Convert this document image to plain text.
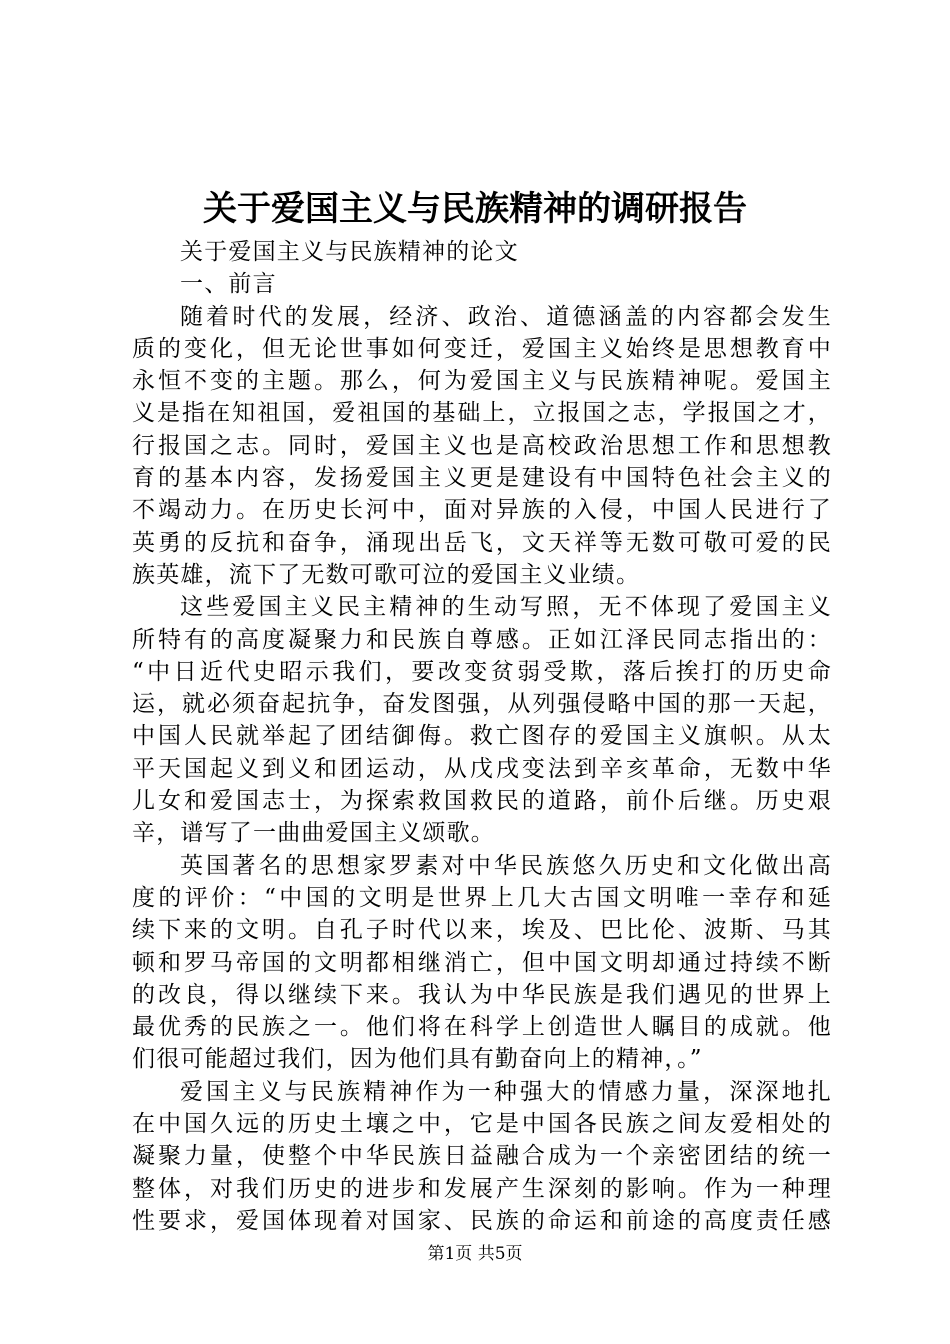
关于爱国主义与民族精神的调研报告
关于爱国主义与民族精神的论文
一、前言
随着时代的发展，经济、政治、道德涵盖的内容都会发生
质的变化，但无论世事如何变迁，爱国主义始终是思想教育中
永恒不变的主题。那么，何为爱国主义与民族精神呢。爱国主
义是指在知祖国，爱祖国的基础上，立报国之志，学报国之才，
行报国之志。同时，爱国主义也是高校政治思想工作和思想教
育的基本内容，发扬爱国主义更是建设有中国特色社会主义的
不竭动力。在历史长河中，面对异族的入侵，中国人民进行了
英勇的反抗和奋争，涌现出岳飞，文天祥等无数可敬可爱的民
族英雄，流下了无数可歌可泣的爱国主义业绩。
这些爱国主义民主精神的生动写照，无不体现了爱国主义
所特有的高度凝聚力和民族自尊感。正如江泽民同志指出的：
“中日近代史昭示我们，要改变贫弱受欺，落后挨打的历史命
运，就必须奋起抗争，奋发图强，从列强侵略中国的那一天起，
中国人民就举起了团结御侮。救亡图存的爱国主义旗帜。从太
平天国起义到义和团运动，从戊戌变法到辛亥革命，无数中华
儿女和爱国志士，为探索救国救民的道路，前仆后继。历史艰
辛，谱写了一曲曲爱国主义颂歌。
英国著名的思想家罗素对中华民族悠久历史和文化做出高
度的评价：“中国的文明是世界上几大古国文明唯一幸存和延
续下来的文明。自孔子时代以来，埃及、巴比伦、波斯、马其
顿和罗马帝国的文明都相继消亡，但中国文明却通过持续不断
的改良，得以继续下来。我认为中华民族是我们遇见的世界上
最优秀的民族之一。他们将在科学上创造世人瞩目的成就。他
们很可能超过我们，因为他们具有勤奋向上的精神，。”
爱国主义与民族精神作为一种强大的情感力量，深深地扎
在中国久远的历史土壤之中，它是中国各民族之间友爱相处的
凝聚力量，使整个中华民族日益融合成为一个亲密团结的统一
整体，对我们历史的进步和发展产生深刻的影响。作为一种理
性要求，爱国体现着对国家、民族的命运和前途的高度责任感
第1页 共5页
